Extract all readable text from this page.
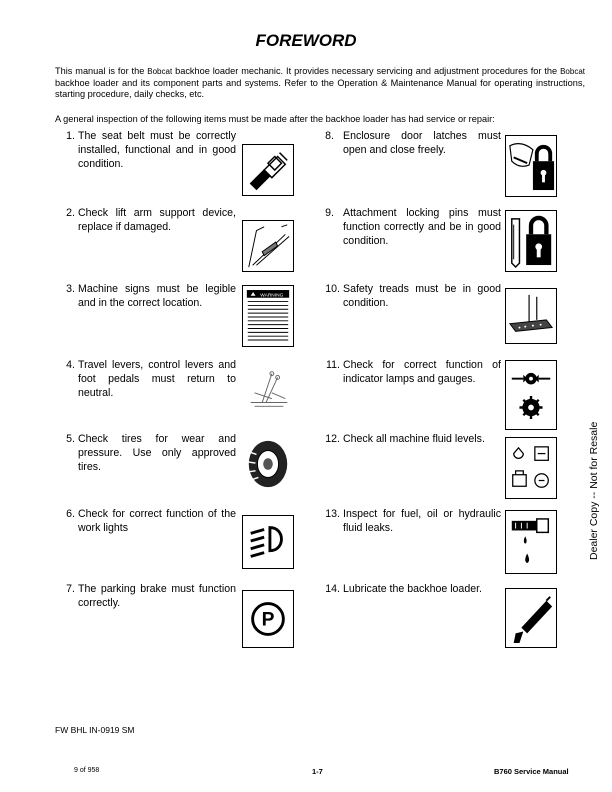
FOREWORD
This manual is for the Bobcat backhoe loader mechanic. It provides necessary servicing and adjustment procedures for the Bobcat backhoe loader and its component parts and systems. Refer to the Operation & Maintenance Manual for operating instructions, starting procedure, daily checks, etc.
A general inspection of the following items must be made after the backhoe loader has had service or repair:
1. The seat belt must be correctly installed, functional and in good condition.
2. Check lift arm support device, replace if damaged.
3. Machine signs must be legible and in the correct location.
WARNING
4. Travel levers, control levers and foot pedals must return to neutral.
5. Check tires for wear and pressure. Use only approved tires.
6. Check for correct function of the work lights
7. The parking brake must function correctly.
P
8. Enclosure door latches must open and close freely.
9. Attachment locking pins must function correctly and be in good condition.
10. Safety treads must be in good condition.
11. Check for correct function of indicator lamps and gauges.
12. Check all machine fluid levels.
13. Inspect for fuel, oil or hydraulic fluid leaks.
14. Lubricate the backhoe loader.
Dealer Copy -- Not for Resale
FW BHL IN-0919 SM
9 of 958	1-7	B760 Service Manual
